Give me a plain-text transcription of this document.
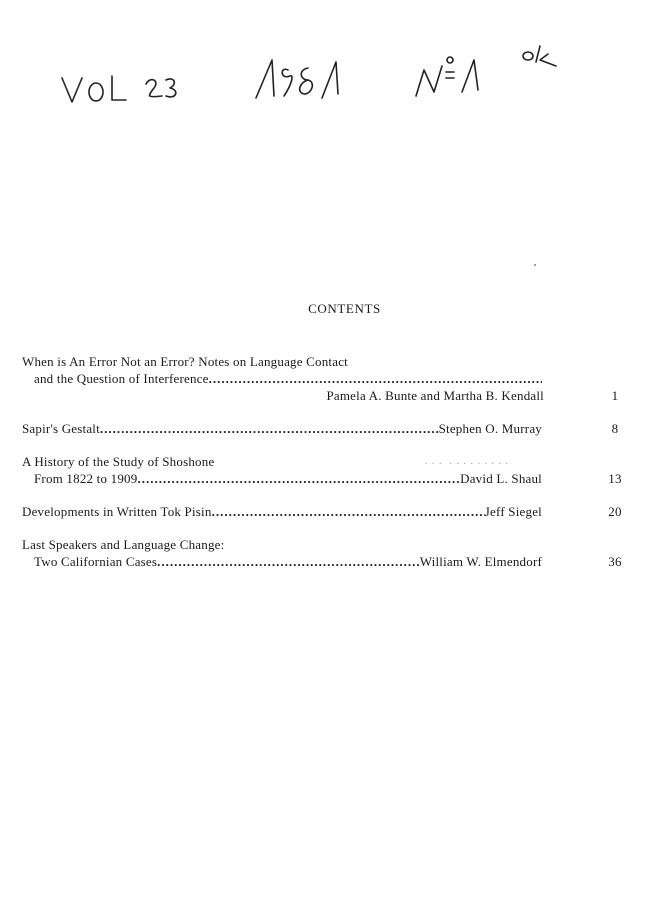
CONTENTS
When is An Error Not an Error? Notes on Language Contact
and the Question of Interference
.....
Pamela A. Bunte and Martha B. Kendall	1
Sapir's Gestalt .....	Stephen O. Murray	8
A History of the Study of Shoshone	. . .  . . . . . . . . .
From 1822 to 1909 .....	David L. Shaul	13
Developments in Written Tok Pisin .....	Jeff Siegel	20
Last Speakers and Language Change:
Two Californian Cases .....	William W. Elmendorf	36
